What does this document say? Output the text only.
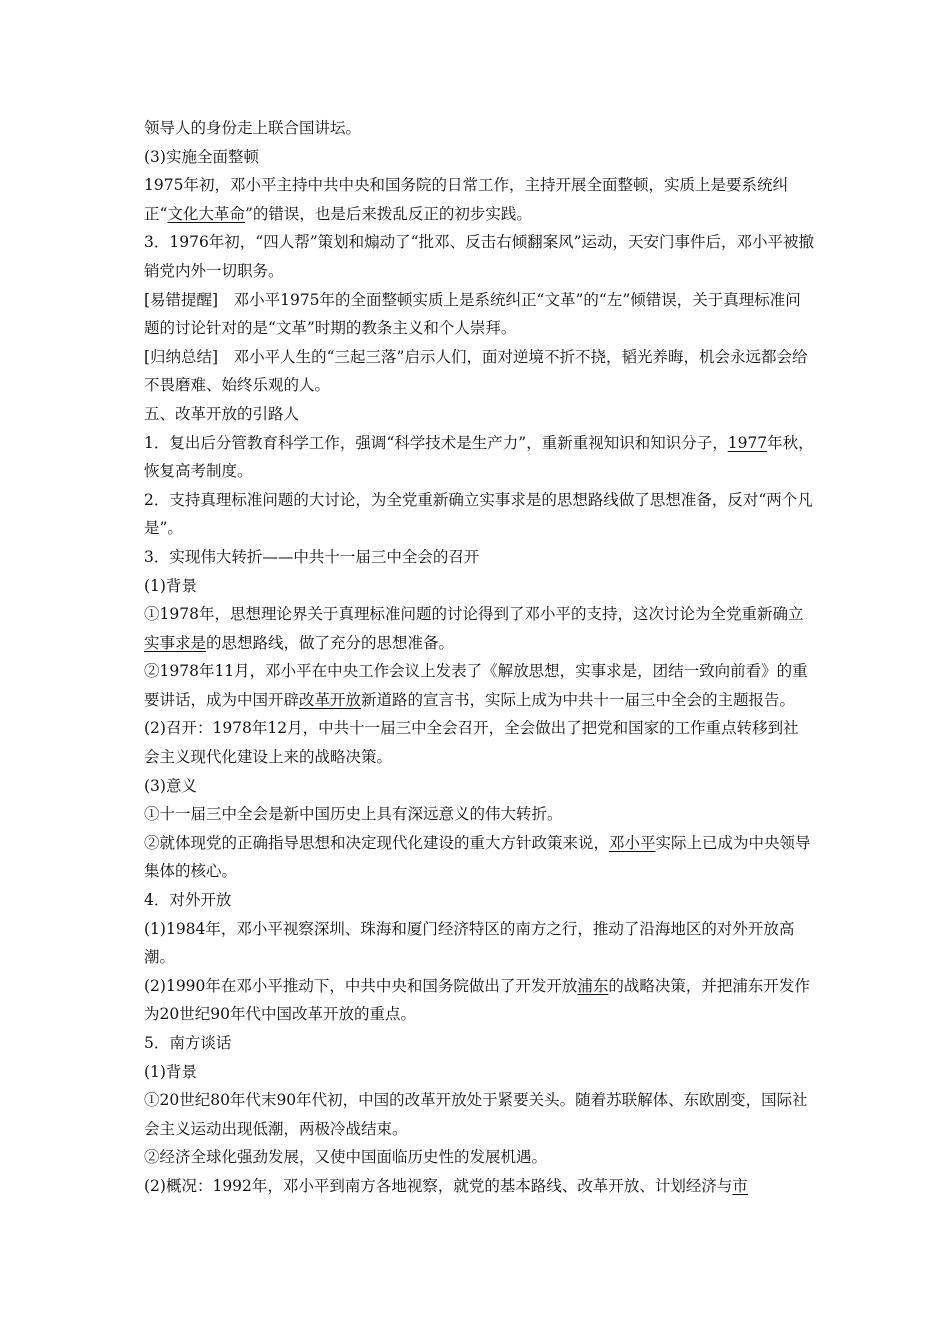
领导人的身份走上联合国讲坛。
(3)实施全面整顿
1975年初，邓小平主持中共中央和国务院的日常工作，主持开展全面整顿，实质上是要系统纠正“文化大革命”的错误，也是后来拨乱反正的初步实践。
3．1976年初，“四人帮”策划和煽动了“批邓、反击右倾翻案风”运动，天安门事件后，邓小平被撤销党内外一切职务。
[易错提醒]　邓小平1975年的全面整顿实质上是系统纠正“文革”的“左”倾错误，关于真理标准问题的讨论针对的是“文革”时期的教条主义和个人崇拜。
[归纳总结]　邓小平人生的“三起三落”启示人们，面对逆境不折不挠，韬光养晦，机会永远都会给不畏磨难、始终乐观的人。
五、改革开放的引路人
1．复出后分管教育科学工作，强调“科学技术是生产力”，重新重视知识和知识分子，1977年秋，恢复高考制度。
2．支持真理标准问题的大讨论，为全党重新确立实事求是的思想路线做了思想准备，反对“两个凡是”。
3．实现伟大转折——中共十一届三中全会的召开
(1)背景
①1978年，思想理论界关于真理标准问题的讨论得到了邓小平的支持，这次讨论为全党重新确立实事求是的思想路线，做了充分的思想准备。
②1978年11月，邓小平在中央工作会议上发表了《解放思想，实事求是，团结一致向前看》的重要讲话，成为中国开辟改革开放新道路的宣言书，实际上成为中共十一届三中全会的主题报告。
(2)召开：1978年12月，中共十一届三中全会召开，全会做出了把党和国家的工作重点转移到社会主义现代化建设上来的战略决策。
(3)意义
①十一届三中全会是新中国历史上具有深远意义的伟大转折。
②就体现党的正确指导思想和决定现代化建设的重大方针政策来说，邓小平实际上已成为中央领导集体的核心。
4．对外开放
(1)1984年，邓小平视察深圳、珠海和厦门经济特区的南方之行，推动了沿海地区的对外开放高潮。
(2)1990年在邓小平推动下，中共中央和国务院做出了开发开放浦东的战略决策，并把浦东开发作为20世纪90年代中国改革开放的重点。
5．南方谈话
(1)背景
①20世纪80年代末90年代初，中国的改革开放处于紧要关头。随着苏联解体、东欧剧变，国际社会主义运动出现低潮，两极冷战结束。
②经济全球化强劲发展，又使中国面临历史性的发展机遇。
(2)概况：1992年，邓小平到南方各地视察，就党的基本路线、改革开放、计划经济与市
